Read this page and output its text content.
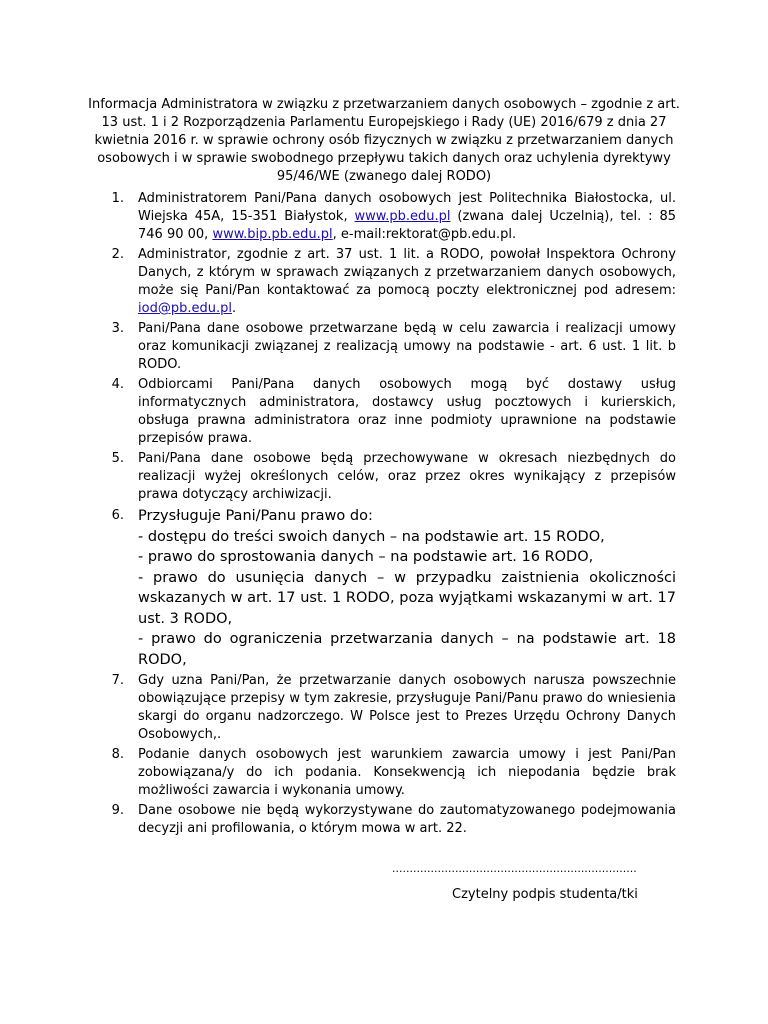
Informacja Administratora w związku z przetwarzaniem danych osobowych – zgodnie z art. 13 ust. 1 i 2 Rozporządzenia Parlamentu Europejskiego i Rady (UE) 2016/679 z dnia 27 kwietnia 2016 r. w sprawie ochrony osób fizycznych w związku z przetwarzaniem danych osobowych i w sprawie swobodnego przepływu takich danych oraz uchylenia dyrektywy 95/46/WE (zwanego dalej RODO)
1. Administratorem Pani/Pana danych osobowych jest Politechnika Białostocka, ul. Wiejska 45A, 15-351 Białystok, www.pb.edu.pl (zwana dalej Uczelnią), tel. : 85 746 90 00, www.bip.pb.edu.pl, e-mail:rektorat@pb.edu.pl.
2. Administrator, zgodnie z art. 37 ust. 1 lit. a RODO, powołał Inspektora Ochrony Danych, z którym w sprawach związanych z przetwarzaniem danych osobowych, może się Pani/Pan kontaktować za pomocą poczty elektronicznej pod adresem: iod@pb.edu.pl.
3. Pani/Pana dane osobowe przetwarzane będą w celu zawarcia i realizacji umowy oraz komunikacji związanej z realizacją umowy na podstawie - art. 6 ust. 1 lit. b RODO.
4. Odbiorcami Pani/Pana danych osobowych mogą być dostawy usług informatycznych administratora, dostawcy usług pocztowych i kurierskich, obsługa prawna administratora oraz inne podmioty uprawnione na podstawie przepisów prawa.
5. Pani/Pana dane osobowe będą przechowywane w okresach niezbędnych do realizacji wyżej określonych celów, oraz przez okres wynikający z przepisów prawa dotyczący archiwizacji.
6. Przysługuje Pani/Panu prawo do:
- dostępu do treści swoich danych – na podstawie art. 15 RODO,
- prawo do sprostowania danych – na podstawie art. 16 RODO,
- prawo do usunięcia danych – w przypadku zaistnienia okoliczności wskazanych w art. 17 ust. 1 RODO, poza wyjątkami wskazanymi w art. 17 ust. 3 RODO,
- prawo do ograniczenia przetwarzania danych – na podstawie art. 18 RODO,
7. Gdy uzna Pani/Pan, że przetwarzanie danych osobowych narusza powszechnie obowiązujące przepisy w tym zakresie, przysługuje Pani/Panu prawo do wniesienia skargi do organu nadzorczego. W Polsce jest to Prezes Urzędu Ochrony Danych Osobowych,.
8. Podanie danych osobowych jest warunkiem zawarcia umowy i jest Pani/Pan zobowiązana/y do ich podania. Konsekwencją ich niepodania będzie brak możliwości zawarcia i wykonania umowy.
9. Dane osobowe nie będą wykorzystywane do zautomatyzowanego podejmowania decyzji ani profilowania, o którym mowa w art. 22.
......................................................................
Czytelny podpis studenta/tki
